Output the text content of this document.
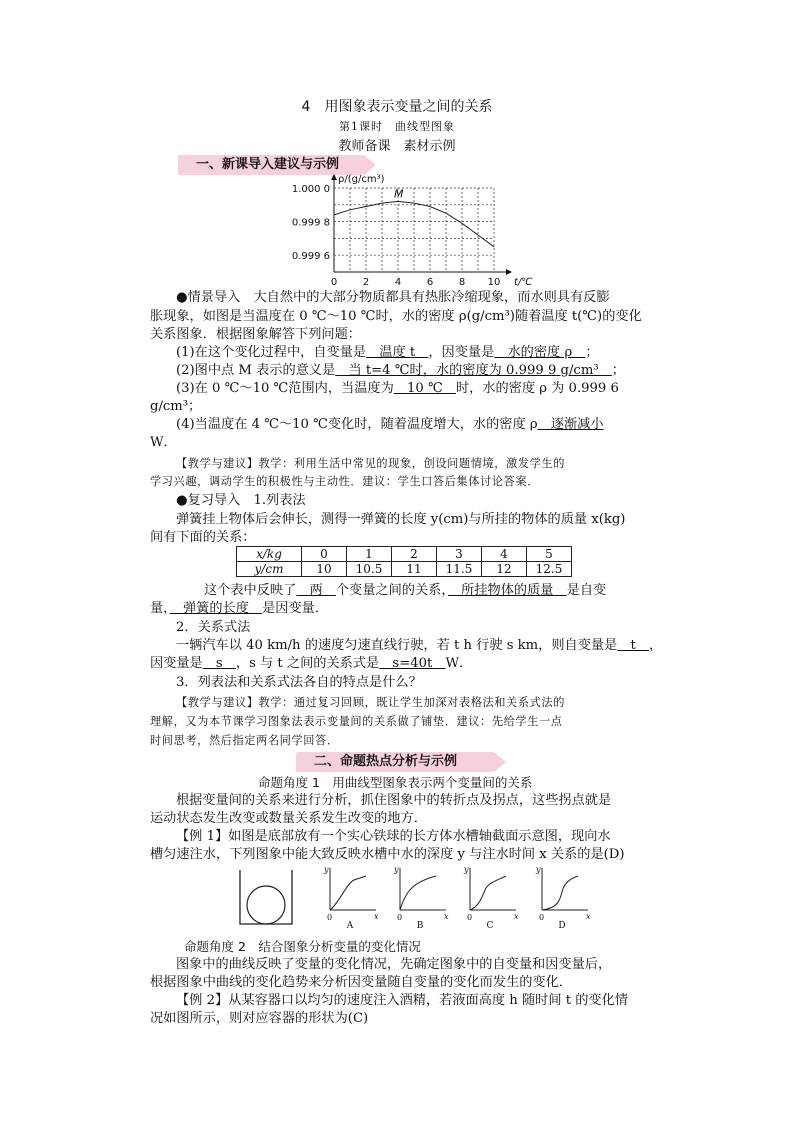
4　用图象表示变量之间的关系
第1课时　曲线型图象
教师备课　素材示例
一、新课导入建议与示例
0	2	4	6	8 10
1.000 0
0.999 8
0.999 6
ρ/(g/cm³)
t/℃
M
●情景导入　大自然中的大部分物质都具有热胀冷缩现象，而水则具有反膨
胀现象，如图是当温度在 0 ℃～10 ℃时，水的密度 ρ(g/cm³)随着温度 t(℃)的变化
关系图象．根据图象解答下列问题：
(1)在这个变化过程中，自变量是　温度 t　，因变量是　水的密度 ρ　；
(2)图中点 M 表示的意义是　当 t=4 ℃时，水的密度为 0.999 9 g/cm³　；
(3)在 0 ℃～10 ℃范围内，当温度为　10 ℃　时，水的密度 ρ 为 0.999 6
g/cm³；
(4)当温度在 4 ℃～10 ℃变化时，随着温度增大，水的密度 ρ　逐渐减小
W．
【教学与建议】教学：利用生活中常见的现象，创设问题情境，激发学生的
学习兴趣，调动学生的积极性与主动性．建议：学生口答后集体讨论答案．
●复习导入　1.列表法
弹簧挂上物体后会伸长，测得一弹簧的长度 y(cm)与所挂的物体的质量 x(kg)
间有下面的关系：
x/kg	0	1	2	3	4	5
y/cm	10	10.5	11	11.5	12	12.5
这个表中反映了　两　个变量之间的关系，　所挂物体的质量　是自变
量，　弹簧的长度　是因变量．
2．关系式法
一辆汽车以 40 km/h 的速度匀速直线行驶，若 t h 行驶 s km，则自变量是　t　，
因变量是　s　，s 与 t 之间的关系式是　s=40t　W．
3．列表法和关系式法各自的特点是什么？
【教学与建议】教学：通过复习回顾，既让学生加深对表格法和关系式法的
理解，又为本节课学习图象法表示变量间的关系做了铺垫．建议：先给学生一点
时间思考，然后指定两名同学回答．
二、命题热点分析与示例
命题角度 1　用曲线型图象表示两个变量间的关系
根据变量间的关系来进行分析，抓住图象中的转折点及拐点，这些拐点就是
运动状态发生改变或数量关系发生改变的地方．
【例 1】如图是底部放有一个实心铁球的长方体水槽轴截面示意图，现向水
槽匀速注水，下列图象中能大致反映水槽中水的深度 y 与注水时间 x 关系的是(D)
y
x
0
A
y
x
0
B
y
x
0
C
y
x
0
D
命题角度 2　结合图象分析变量的变化情况
图象中的曲线反映了变量的变化情况，先确定图象中的自变量和因变量后，
根据图象中曲线的变化趋势来分析因变量随自变量的变化而发生的变化．
【例 2】从某容器口以均匀的速度注入酒精，若液面高度 h 随时间 t 的变化情
况如图所示，则对应容器的形状为(C)
